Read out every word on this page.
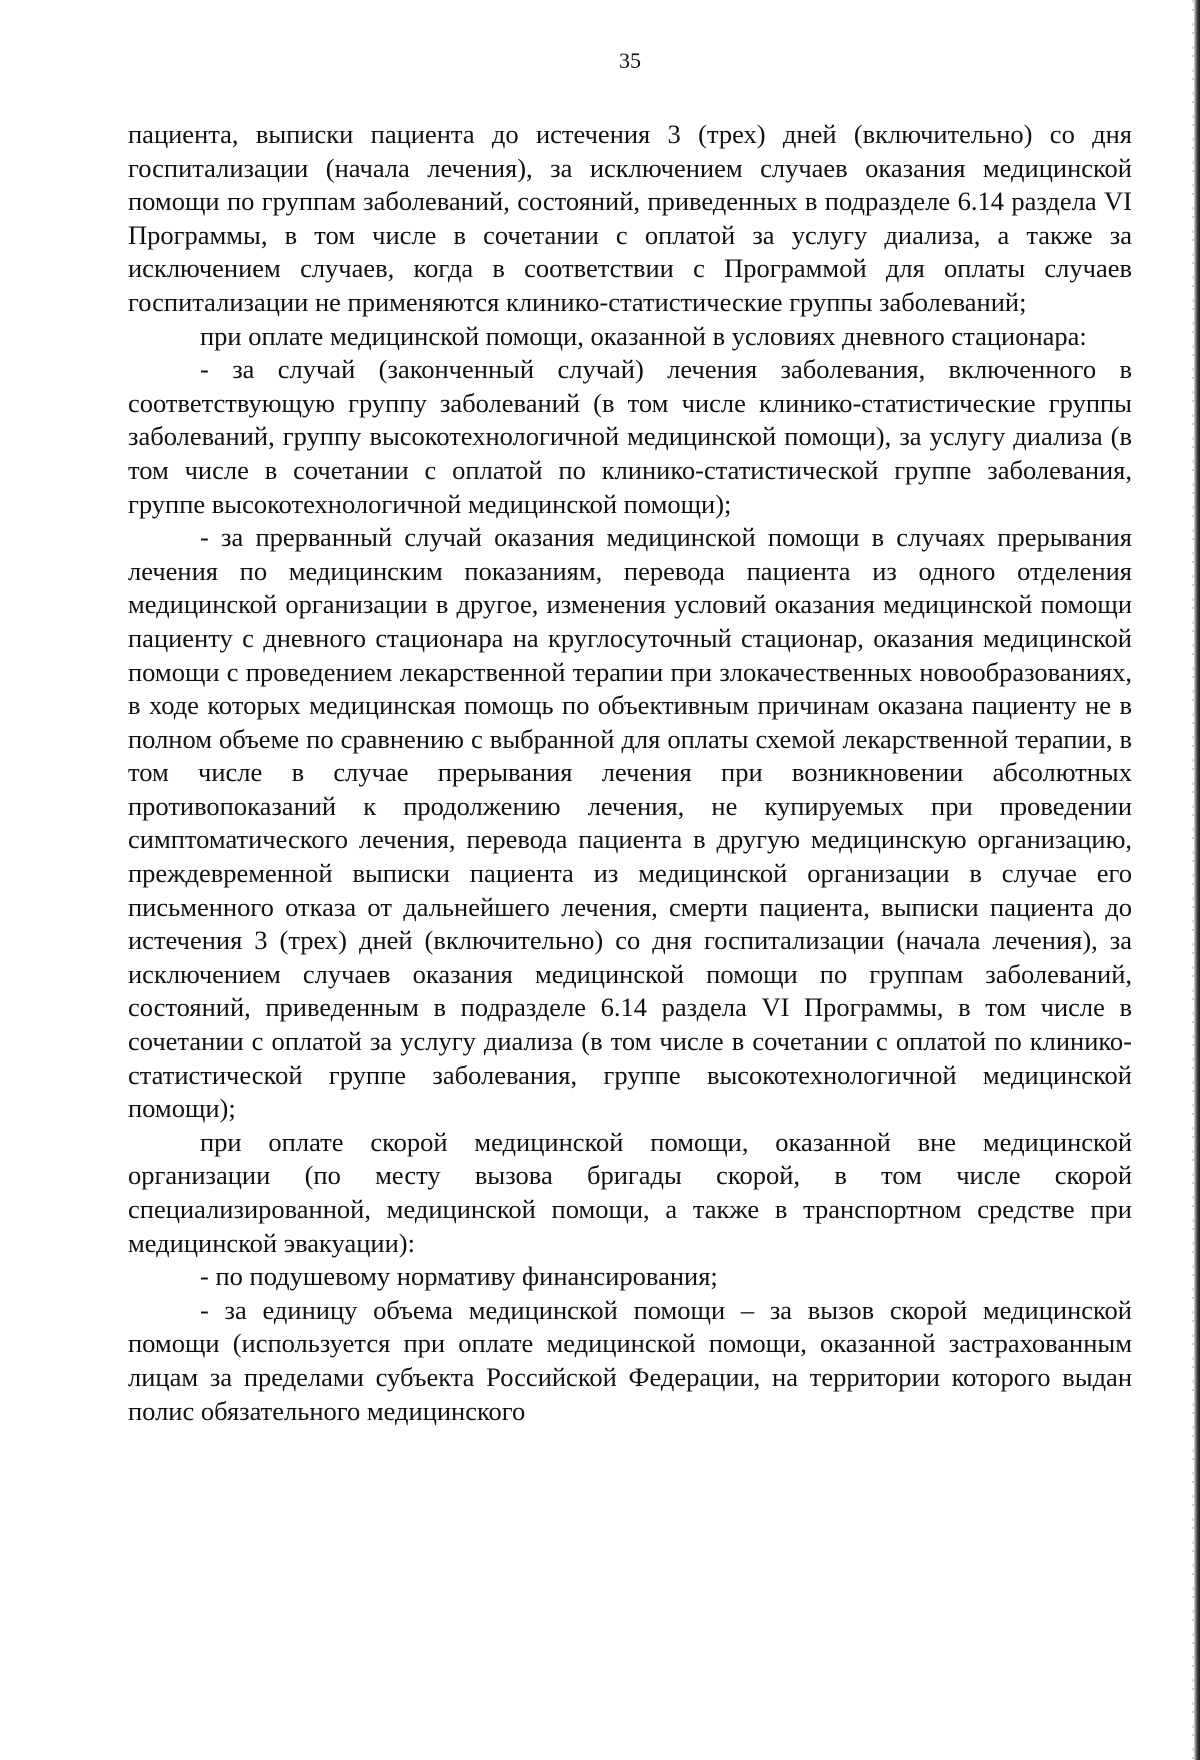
35

пациента, выписки пациента до истечения 3 (трех) дней (включительно) со дня госпитализации (начала лечения), за исключением случаев оказания медицинской помощи по группам заболеваний, состояний, приведенных в подразделе 6.14 раздела VI Программы, в том числе в сочетании с оплатой за услугу диализа, а также за исключением случаев, когда в соответствии с Программой для оплаты случаев госпитализации не применяются клинико-статистические группы заболеваний;

при оплате медицинской помощи, оказанной в условиях дневного стационара:

- за случай (законченный случай) лечения заболевания, включенного в соответствующую группу заболеваний (в том числе клинико-статистические группы заболеваний, группу высокотехнологичной медицинской помощи), за услугу диализа (в том числе в сочетании с оплатой по клинико-статистической группе заболевания, группе высокотехнологичной медицинской помощи);

- за прерванный случай оказания медицинской помощи в случаях прерывания лечения по медицинским показаниям, перевода пациента из одного отделения медицинской организации в другое, изменения условий оказания медицинской помощи пациенту с дневного стационара на круглосуточный стационар, оказания медицинской помощи с проведением лекарственной терапии при злокачественных новообразованиях, в ходе которых медицинская помощь по объективным причинам оказана пациенту не в полном объеме по сравнению с выбранной для оплаты схемой лекарственной терапии, в том числе в случае прерывания лечения при возникновении абсолютных противопоказаний к продолжению лечения, не купируемых при проведении симптоматического лечения, перевода пациента в другую медицинскую организацию, преждевременной выписки пациента из медицинской организации в случае его письменного отказа от дальнейшего лечения, смерти пациента, выписки пациента до истечения 3 (трех) дней (включительно) со дня госпитализации (начала лечения), за исключением случаев оказания медицинской помощи по группам заболеваний, состояний, приведенным в подразделе 6.14 раздела VI Программы, в том числе в сочетании с оплатой за услугу диализа (в том числе в сочетании с оплатой по клинико-статистической группе заболевания, группе высокотехнологичной медицинской помощи);

при оплате скорой медицинской помощи, оказанной вне медицинской организации (по месту вызова бригады скорой, в том числе скорой специализированной, медицинской помощи, а также в транспортном средстве при медицинской эвакуации):

- по подушевому нормативу финансирования;

- за единицу объема медицинской помощи – за вызов скорой медицинской помощи (используется при оплате медицинской помощи, оказанной застрахованным лицам за пределами субъекта Российской Федерации, на территории которого выдан полис обязательного медицинского
